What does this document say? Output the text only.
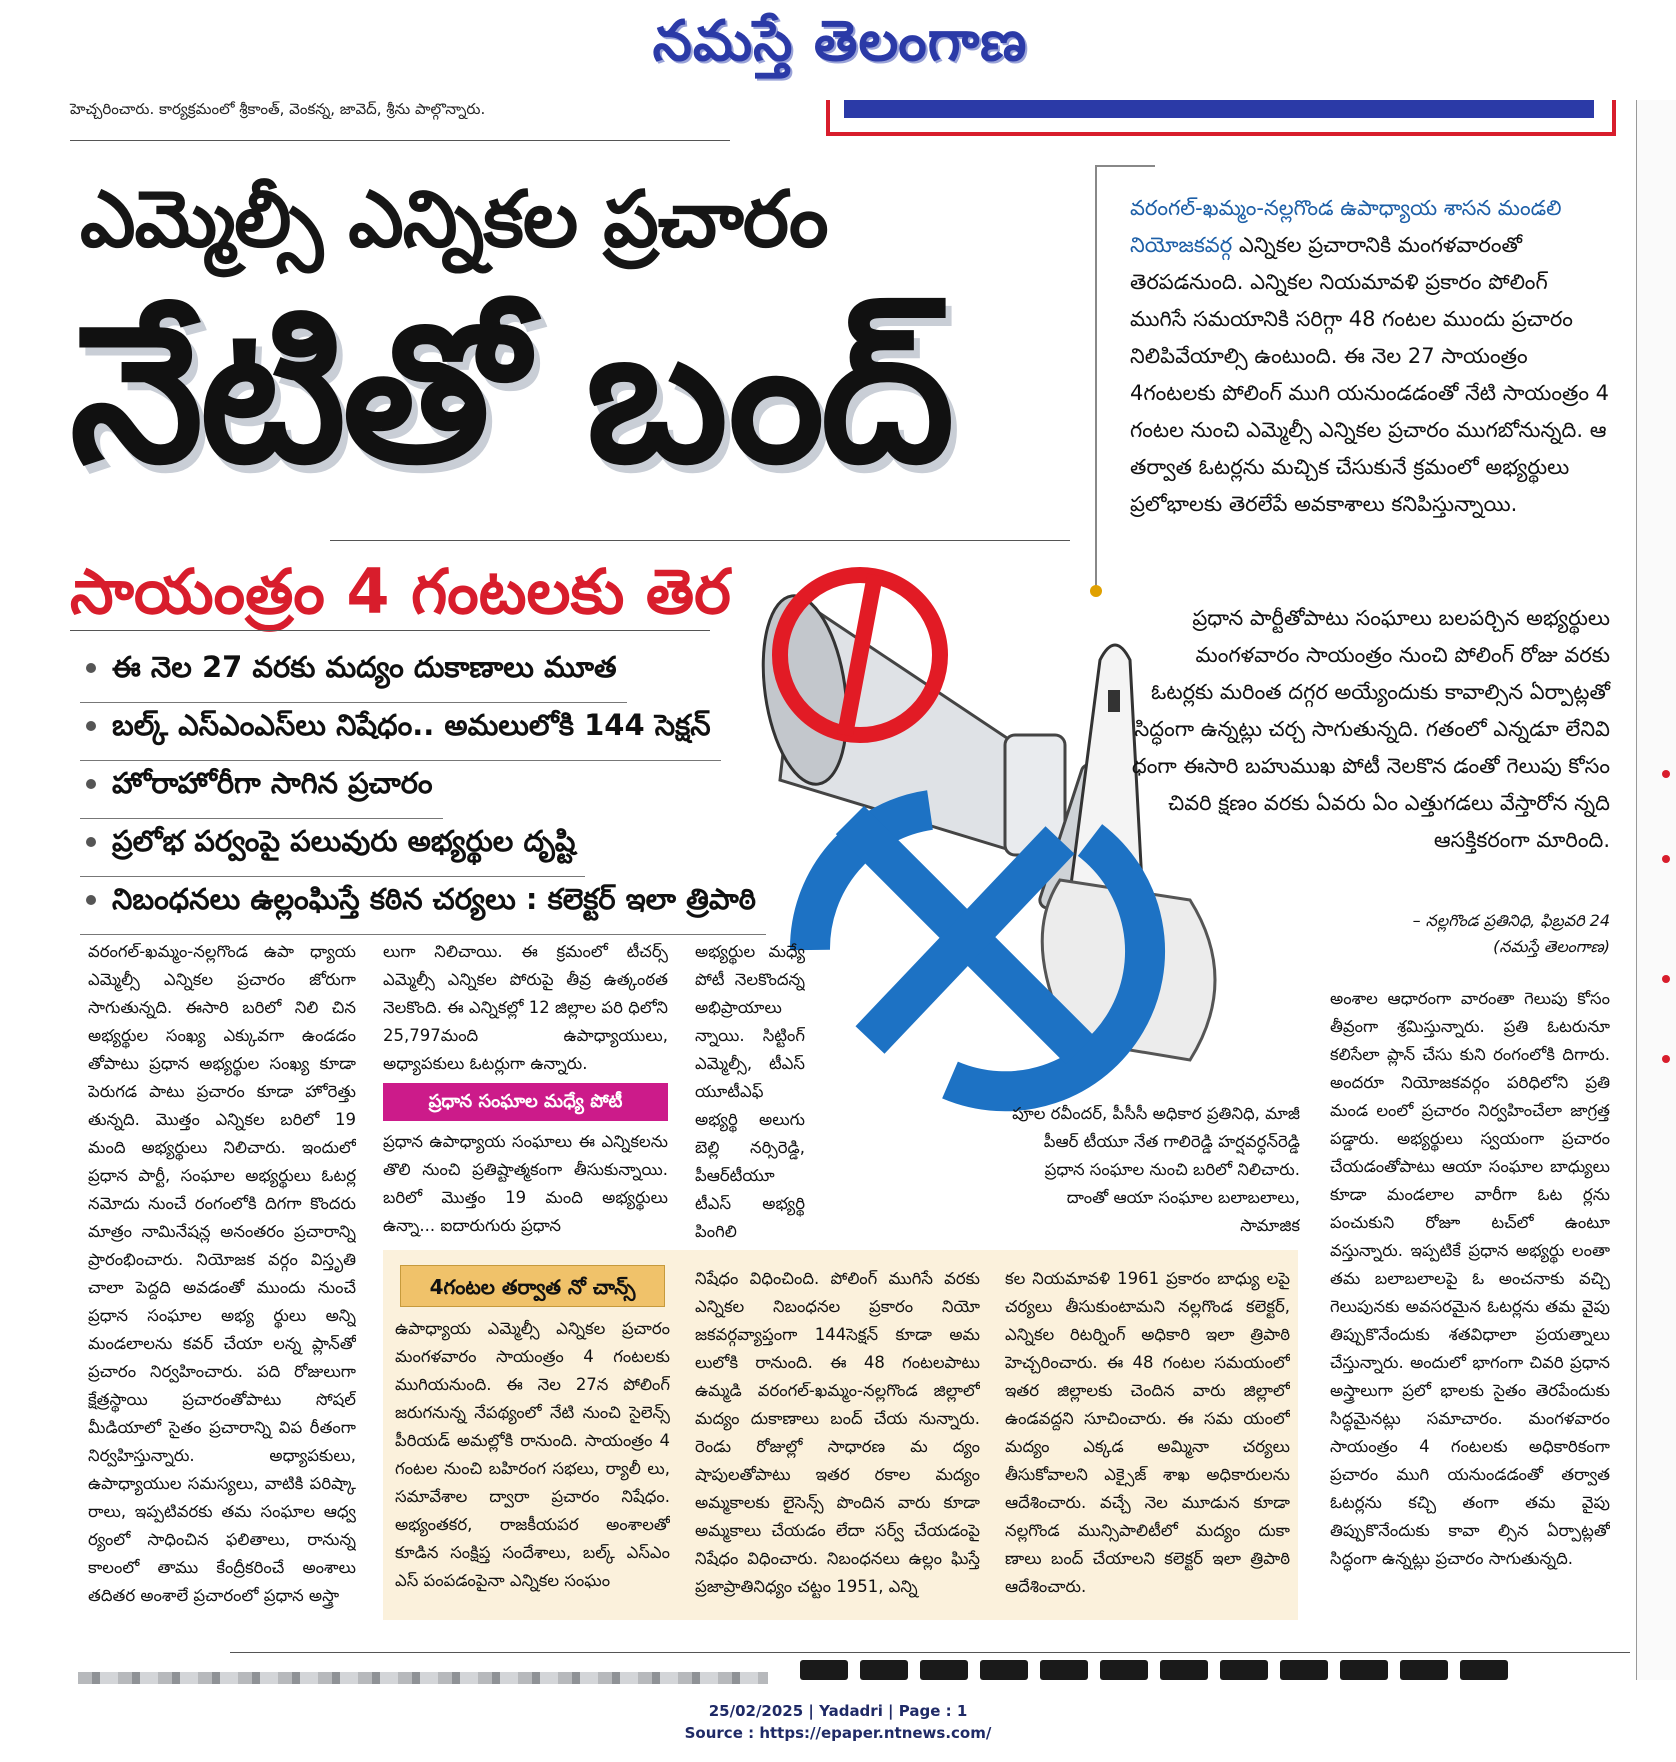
నమస్తే తెలంగాణ
హెచ్చరించారు. కార్యక్రమంలో శ్రీకాంత్, వెంకన్న, జావెద్, శ్రీను పాల్గొన్నారు.
ఎమ్మెల్సీ ఎన్నికల ప్రచారం
నేటితో బంద్
సాయంత్రం 4 గంటలకు తెర
ఈ నెల 27 వరకు మద్యం దుకాణాలు మూత
బల్క్ ఎస్ఎంఎస్‌లు నిషేధం.. అమలులోకి 144 సెక్షన్
హోరాహోరీగా సాగిన ప్రచారం
ప్రలోభ పర్వంపై పలువురు అభ్యర్థుల దృష్టి
నిబంధనలు ఉల్లంఘిస్తే కఠిన చర్యలు : కలెక్టర్ ఇలా త్రిపాఠి
వరంగల్-ఖమ్మం-నల్లగొండ ఉపాధ్యాయ శాసన మండలి నియోజకవర్గ ఎన్నికల ప్రచారానికి మంగళవారంతో తెరపడనుంది. ఎన్నికల నియమావళి ప్రకారం పోలింగ్ ముగిసే సమయానికి సరిగ్గా 48 గంటల ముందు ప్రచారం నిలిపివేయాల్సి ఉంటుంది. ఈ నెల 27 సాయంత్రం 4గంటలకు పోలింగ్ ముగి యనుండడంతో నేటి సాయంత్రం 4 గంటల నుంచి ఎమ్మెల్సీ ఎన్నికల ప్రచారం ముగబోనున్నది. ఆ తర్వాత ఓటర్లను మచ్చిక చేసుకునే క్రమంలో అభ్యర్థులు ప్రలోభాలకు తెరలేపే అవకాశాలు కనిపిస్తున్నాయి.
ప్రధాన పార్టీతోపాటు సంఘాలు బలపర్చిన అభ్యర్థులు మంగళవారం సాయంత్రం నుంచి పోలింగ్ రోజు వరకు ఓటర్లకు మరింత దగ్గర అయ్యేందుకు కావాల్సిన ఏర్పాట్లతో సిద్ధంగా ఉన్నట్లు చర్చ సాగుతున్నది. గతంలో ఎన్నడూ లేనివి ధంగా ఈసారి బహుముఖ పోటీ నెలకొన డంతో గెలుపు కోసం చివరి క్షణం వరకు ఏవరు ఏం ఎత్తుగడలు వేస్తారోన న్నది ఆసక్తికరంగా మారింది.
– నల్లగొండ ప్రతినిధి, ఫిబ్రవరి 24
(నమస్తే తెలంగాణ)
వరంగల్-ఖమ్మం-నల్లగొండ ఉపా ధ్యాయ ఎమ్మెల్సీ ఎన్నికల ప్రచారం జోరుగా సాగుతున్నది. ఈసారి బరిలో నిలి చిన అభ్యర్థుల సంఖ్య ఎక్కువగా ఉండడం తోపాటు ప్రధాన అభ్యర్థుల సంఖ్య కూడా పెరుగడ పాటు ప్రచారం కూడా హోరెత్తు తున్నది. మొత్తం ఎన్నికల బరిలో 19 మంది అభ్యర్థులు నిలిచారు. ఇందులో ప్రధాన పార్టీ, సంఘాల అభ్యర్థులు ఓటర్ల నమోదు నుంచే రంగంలోకి దిగగా కొందరు మాత్రం నామినేషన్ల అనంతరం ప్రచారాన్ని ప్రారంభించారు. నియోజక వర్గం విస్తృతి చాలా పెద్దది అవడంతో ముందు నుంచే ప్రధాన సంఘాల అభ్య ర్థులు అన్ని మండలాలను కవర్ చేయా లన్న ప్లాన్‌తో ప్రచారం నిర్వహించారు. పది రోజులుగా క్షేత్రస్థాయి ప్రచారంతోపాటు సోషల్ మీడియాలో సైతం ప్రచారాన్ని విప రీతంగా నిర్వహిస్తున్నారు. అధ్యాపకులు, ఉపాధ్యాయుల సమస్యలు, వాటికి పరిష్కా రాలు, ఇప్పటివరకు తమ సంఘాల ఆధ్వ ర్యంలో సాధించిన ఫలితాలు, రానున్న కాలంలో తాము కేంద్రీకరించే అంశాలు తదితర అంశాలే ప్రచారంలో ప్రధాన అస్త్రా
లుగా నిలిచాయి. ఈ క్రమంలో టీచర్స్ ఎమ్మెల్సీ ఎన్నికల పోరుపై తీవ్ర ఉత్కంఠత నెలకొంది. ఈ ఎన్నికల్లో 12 జిల్లాల పరి ధిలోని 25,797మంది ఉపాధ్యాయులు, అధ్యాపకులు ఓటర్లుగా ఉన్నారు.
ప్రధాన సంఘాల మధ్యే పోటీ
ప్రధాన ఉపాధ్యాయ సంఘాలు ఈ ఎన్నికలను తొలి నుంచి ప్రతిష్టాత్మకంగా తీసుకున్నాయి. బరిలో మొత్తం 19 మంది అభ్యర్థులు ఉన్నా... ఐదారుగురు ప్రధాన
అభ్యర్థుల మధ్యే పోటీ నెలకొందన్న అభిప్రాయాలు న్నాయి. సిట్టింగ్ ఎమ్మెల్సీ, టీఎస్ యూటీఎఫ్ అభ్యర్థి అలుగు బెల్లి నర్సిరెడ్డి, పీఆర్‌టీయూ టీఎస్ అభ్యర్థి పింగిలి
పూల రవీందర్, పీసీసీ అధికార ప్రతినిధి, మాజీ పీఆర్ టీయూ నేత గాలిరెడ్డి హర్షవర్ధన్‌రెడ్డి ప్రధాన సంఘాల నుంచి బరిలో నిలిచారు. దాంతో ఆయా సంఘాల బలాబలాలు, సామాజిక
అంశాల ఆధారంగా వారంతా గెలుపు కోసం తీవ్రంగా శ్రమిస్తున్నారు. ప్రతి ఓటరునూ కలిసేలా ప్లాన్ చేసు కుని రంగంలోకి దిగారు. అందరూ నియోజకవర్గం పరిధిలోని ప్రతి మండ లంలో ప్రచారం నిర్వహించేలా జాగ్రత్త పడ్డారు. అభ్యర్థులు స్వయంగా ప్రచారం చేయడంతోపాటు ఆయా సంఘాల బాధ్యులు కూడా మండలాల వారీగా ఓట ర్లను పంచుకుని రోజూ టచ్‌లో ఉంటూ వస్తున్నారు. ఇప్పటికే ప్రధాన అభ్యర్థు లంతా తమ బలాబలాలపై ఓ అంచనాకు వచ్చి గెలుపునకు అవసరమైన ఓటర్లను తమ వైపు తిప్పుకొనేందుకు శతవిధాలా ప్రయత్నాలు చేస్తున్నారు. అందులో భాగంగా చివరి ప్రధాన అస్త్రాలుగా ప్రలో భాలకు సైతం తెరపేందుకు సిద్ధమైనట్లు సమాచారం. మంగళవారం సాయంత్రం 4 గంటలకు అధికారికంగా ప్రచారం ముగి యనుండడంతో తర్వాత ఓటర్లను కచ్చి తంగా తమ వైపు తిప్పుకొనేందుకు కావా ల్సిన ఏర్పాట్లతో సిద్ధంగా ఉన్నట్లు ప్రచారం సాగుతున్నది.
4గంటల తర్వాత నో చాన్స్
ఉపాధ్యాయ ఎమ్మెల్సీ ఎన్నికల ప్రచారం మంగళవారం సాయంత్రం 4 గంటలకు ముగియనుంది. ఈ నెల 27న పోలింగ్ జరుగనున్న నేపథ్యంలో నేటి నుంచి సైలెన్స్ పీరియడ్ అమల్లోకి రానుంది. సాయంత్రం 4 గంటల నుంచి బహిరంగ సభలు, ర్యాలీ లు, సమావేశాల ద్వారా ప్రచారం నిషేధం. అభ్యంతకర, రాజకీయపర అంశాలతో కూడిన సంక్షిప్త సందేశాలు, బల్క్ ఎస్ఎం ఎస్ పంపడంపైనా ఎన్నికల సంఘం
నిషేధం విధించింది. పోలింగ్ ముగిసే వరకు ఎన్నికల నిబంధనల ప్రకారం నియో జకవర్గవ్యాప్తంగా 144సెక్షన్ కూడా అమ లులోకి రానుంది. ఈ 48 గంటలపాటు ఉమ్మడి వరంగల్-ఖమ్మం-నల్లగొండ జిల్లాలో మద్యం దుకాణాలు బంద్ చేయ నున్నారు. రెండు రోజుల్లో సాధారణ మ ద్యం షాపులతోపాటు ఇతర రకాల మద్యం అమ్మకాలకు లైసెన్స్ పొందిన వారు కూడా అమ్మకాలు చేయడం లేదా సర్వ్ చేయడంపై నిషేధం విధించారు. నిబంధనలు ఉల్లం ఘిస్తే ప్రజాప్రాతినిధ్యం చట్టం 1951, ఎన్ని
కల నియమావళి 1961 ప్రకారం బాధ్యు లపై చర్యలు తీసుకుంటామని నల్లగొండ కలెక్టర్, ఎన్నికల రిటర్నింగ్ అధికారి ఇలా త్రిపాఠి హెచ్చరించారు. ఈ 48 గంటల సమయంలో ఇతర జిల్లాలకు చెందిన వారు జిల్లాలో ఉండవద్దని సూచించారు. ఈ సమ యంలో మద్యం ఎక్కడ అమ్మినా చర్యలు తీసుకోవాలని ఎక్సైజ్ శాఖ అధికారులను ఆదేశించారు. వచ్చే నెల మూడున కూడా నల్లగొండ మున్సిపాలిటీలో మద్యం దుకా ణాలు బంద్ చేయాలని కలెక్టర్ ఇలా త్రిపాఠి ఆదేశించారు.
25/02/2025 | Yadadri | Page : 1
Source : https://epaper.ntnews.com/
